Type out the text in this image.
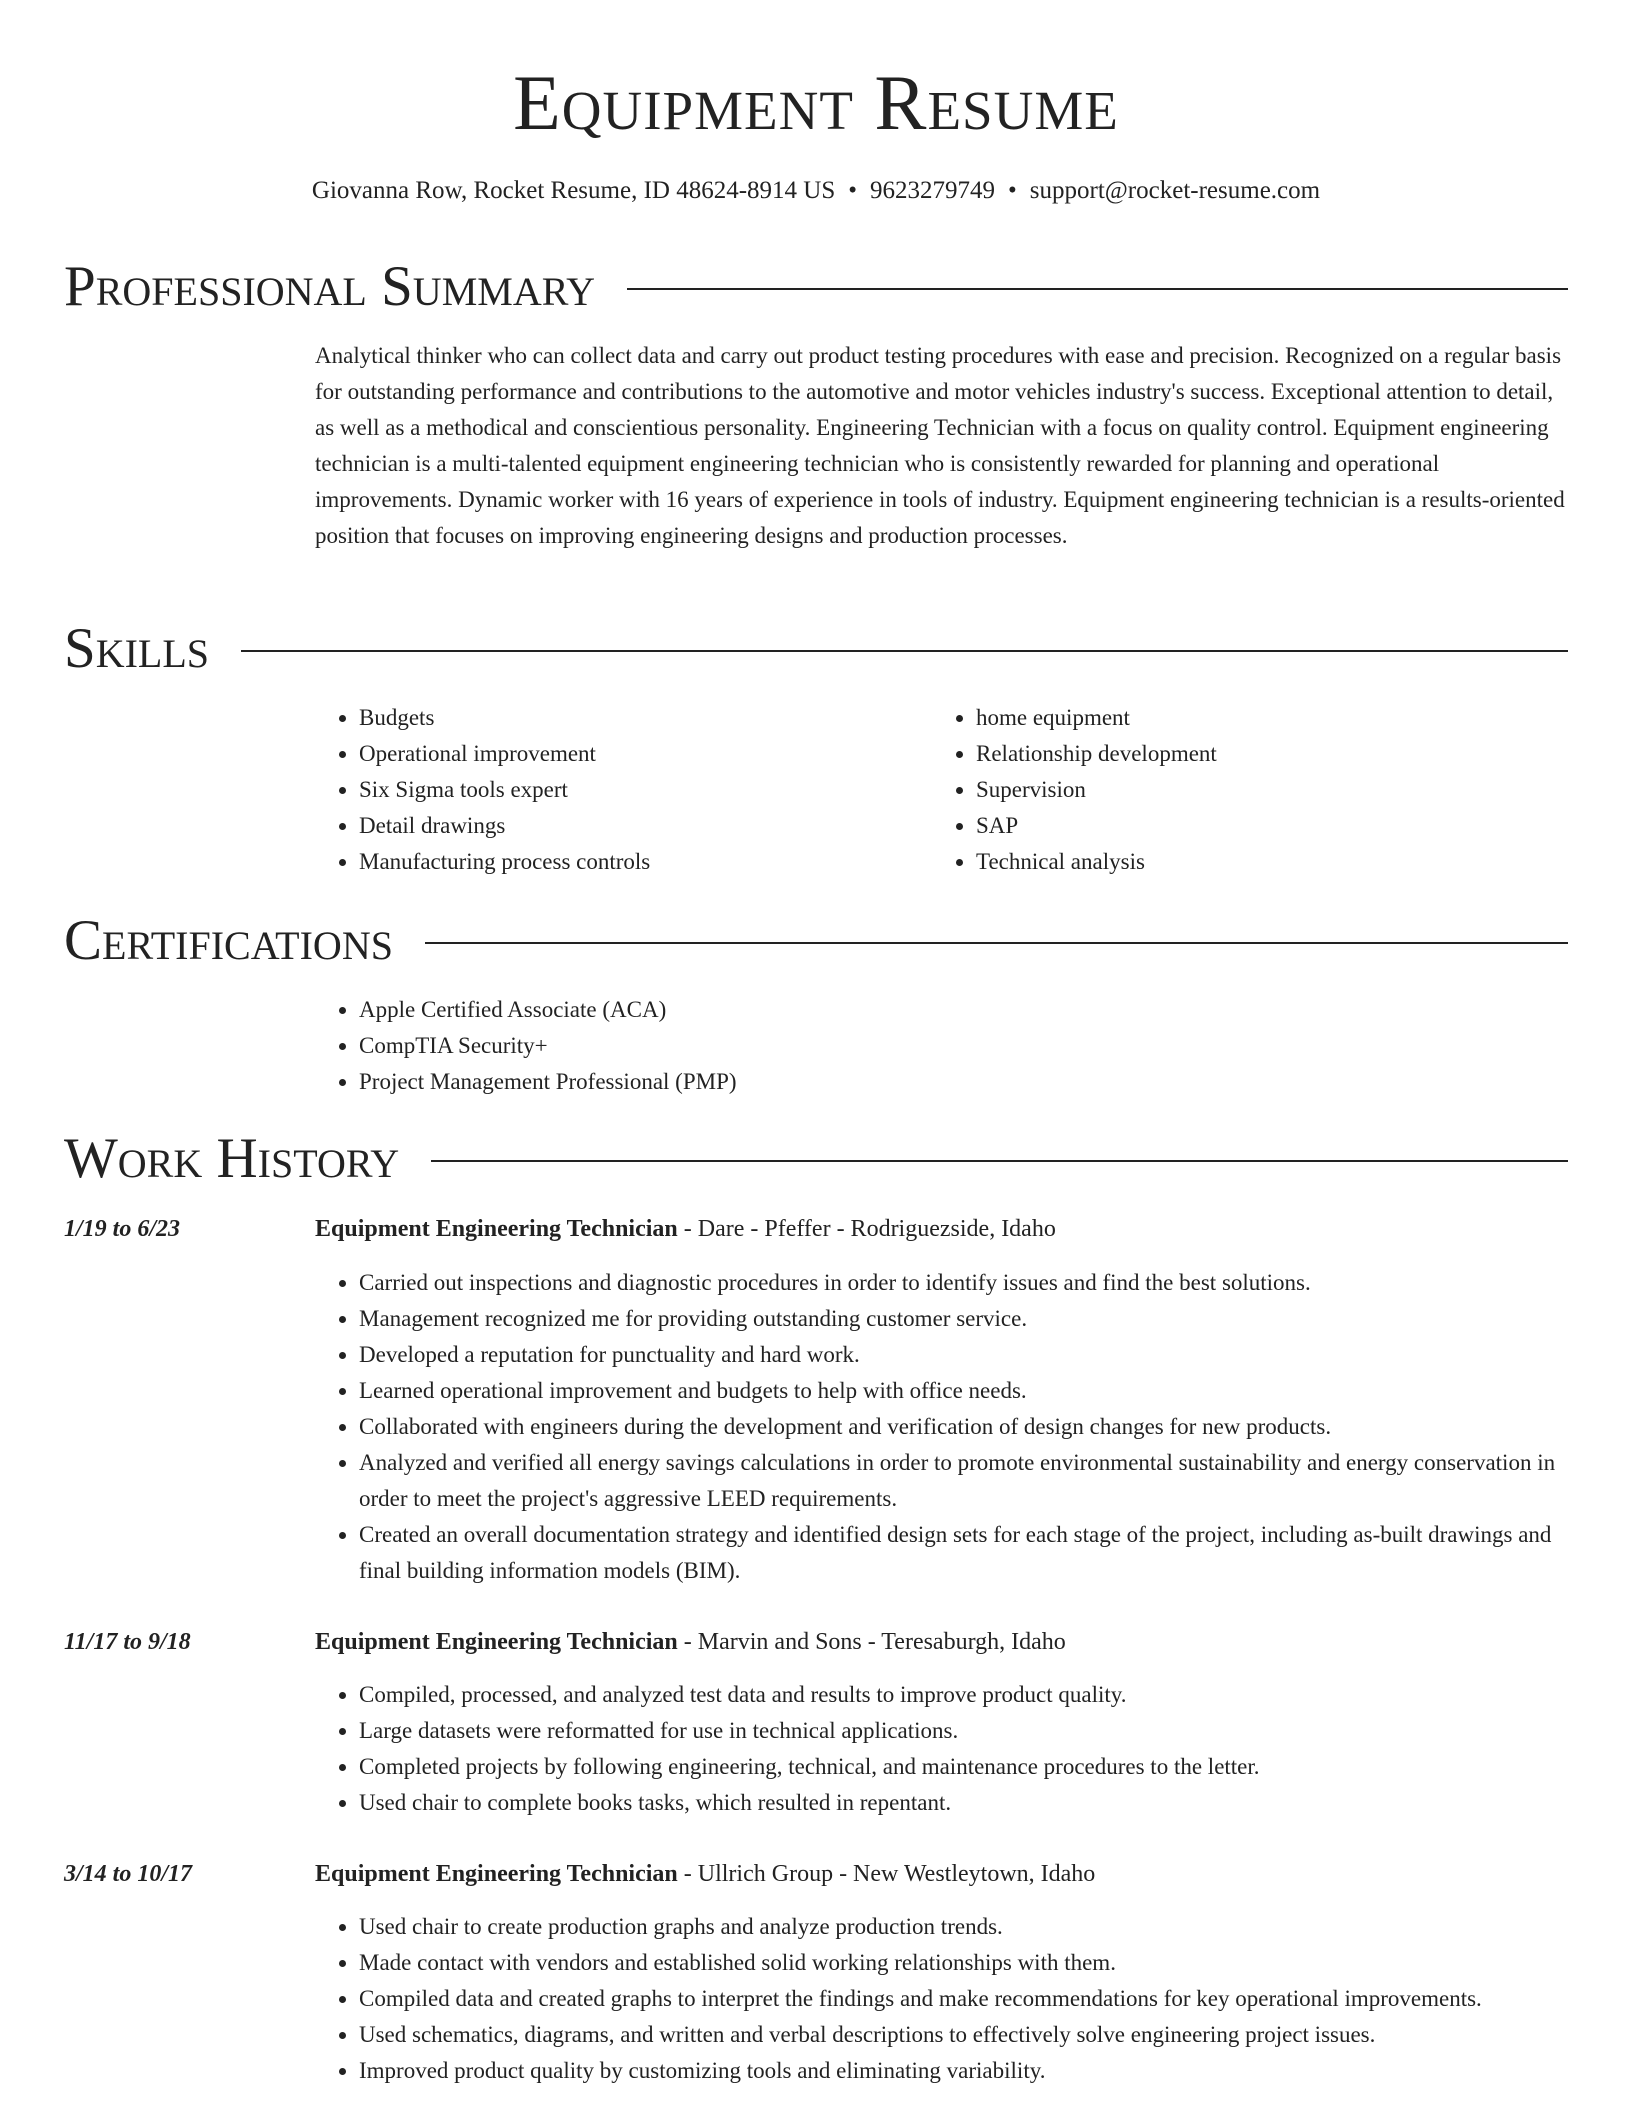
Equipment Resume
Giovanna Row, Rocket Resume, ID 48624-8914 US • 9623279749 • support@rocket-resume.com
Professional Summary
Analytical thinker who can collect data and carry out product testing procedures with ease and precision. Recognized on a regular basis for outstanding performance and contributions to the automotive and motor vehicles industry's success. Exceptional attention to detail, as well as a methodical and conscientious personality. Engineering Technician with a focus on quality control. Equipment engineering technician is a multi-talented equipment engineering technician who is consistently rewarded for planning and operational improvements. Dynamic worker with 16 years of experience in tools of industry. Equipment engineering technician is a results-oriented position that focuses on improving engineering designs and production processes.
Skills
• Budgets
• Operational improvement
• Six Sigma tools expert
• Detail drawings
• Manufacturing process controls
• home equipment
• Relationship development
• Supervision
• SAP
• Technical analysis
Certifications
• Apple Certified Associate (ACA)
• CompTIA Security+
• Project Management Professional (PMP)
Work History
1/19 to 6/23	Equipment Engineering Technician - Dare - Pfeffer - Rodriguezside, Idaho
• Carried out inspections and diagnostic procedures in order to identify issues and find the best solutions.
• Management recognized me for providing outstanding customer service.
• Developed a reputation for punctuality and hard work.
• Learned operational improvement and budgets to help with office needs.
• Collaborated with engineers during the development and verification of design changes for new products.
• Analyzed and verified all energy savings calculations in order to promote environmental sustainability and energy conservation in order to meet the project's aggressive LEED requirements.
• Created an overall documentation strategy and identified design sets for each stage of the project, including as-built drawings and final building information models (BIM).
11/17 to 9/18	Equipment Engineering Technician - Marvin and Sons - Teresaburgh, Idaho
• Compiled, processed, and analyzed test data and results to improve product quality.
• Large datasets were reformatted for use in technical applications.
• Completed projects by following engineering, technical, and maintenance procedures to the letter.
• Used chair to complete books tasks, which resulted in repentant.
3/14 to 10/17	Equipment Engineering Technician - Ullrich Group - New Westleytown, Idaho
• Used chair to create production graphs and analyze production trends.
• Made contact with vendors and established solid working relationships with them.
• Compiled data and created graphs to interpret the findings and make recommendations for key operational improvements.
• Used schematics, diagrams, and written and verbal descriptions to effectively solve engineering project issues.
• Improved product quality by customizing tools and eliminating variability.
